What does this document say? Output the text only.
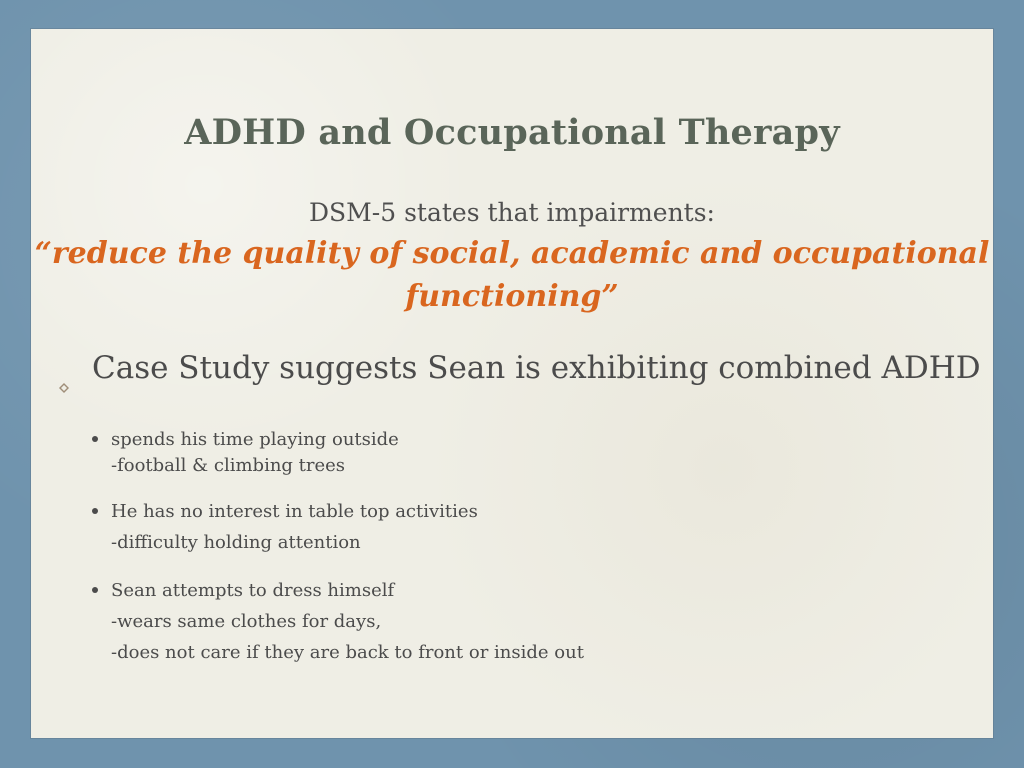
ADHD and Occupational Therapy
DSM-5 states that impairments:
“reduce the quality of social, academic and occupational
functioning”
Case Study suggests Sean is exhibiting combined ADHD
spends his time playing outside
-football & climbing trees
He has no interest in table top activities
-difficulty holding attention
Sean attempts to dress himself
-wears same clothes for days,
-does not care if they are back to front or inside out
